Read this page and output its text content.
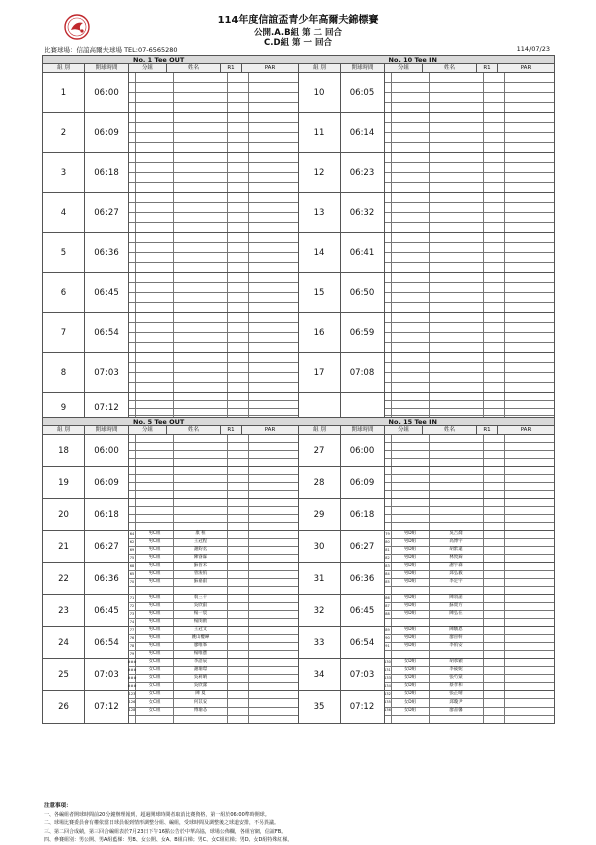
114年度信誼盃青少年高爾夫錦標賽
公開.A.B組 第 二 回合
C.D組 第 一 回合
比賽球場：信誼高爾夫球場 TEL:07-6565280	114/07/23
No. 1 Tee OUT	No. 10 Tee IN
組 別	開球時間	分組	姓名	R1	PAR	組 別	開球時間	分組	姓名	R1	PAR
1	06:00
2	06:09
3	06:18
4	06:27
5	06:36
6	06:45
7	06:54
8	07:03
9	07:12
10	06:05
11	06:14
12	06:23
13	06:32
14	06:41
15	06:50
16	06:59
17	07:08
No. 5 Tee OUT	No. 15 Tee IN
組 別	開球時間	分組	姓名	R1	PAR	組 別	開球時間	分組	姓名	R1	PAR
18	06:00
19	06:09
20	06:18
21	06:27
64	男C組	康 桓
62	男C組	王冠程
69	男C組	謝鈞丞
75	男C組	陳睿霖
22	06:36
68	男C組	蘇晉禾
65	男C組	曾浚侑
70	男C組	蘇嘉叡
23	06:45
71	男C組	翁三千
72	男C組	吳欣叡
73	男C組	楊一宸
74	男C組	楊閔勛
24	06:54
77	男C組	王冠文
76	男C組	姚山櫻曄
78	男C組	廖唯峯
79	男C組	楊唯寶
25	07:03
###	女C組	李語辰
###	女C組	謝瑜璟
###	女C組	吳莉晴
###	女C組	吳欣潔
26	07:12
123	女C組	陳 夏
126	女C組	何苡安
128	女C組	傅瑜忞
27	06:00
28	06:09
29	06:18
30	06:27
79	男D組	吳吉喬
80	男D組	高博宇
81	男D組	胡紫遠
82	男D組	林致錡
31	06:36
83	男D組	謝宇森
84	男D組	邱弘毅
85	男D組	李定宇
32	06:45
86	男D組	陳羽諾
87	男D組	蘇賣方
88	男D組	陳弘在
33	06:54
89	男D組	陳駿恩
90	男D組	廖晉軒
91	男D組	李侑安
34	07:03
130	女D組	胡承穎
131	女D組	李筱妮
133	女D組	張芍棠
134	女D組	蔡孝和
35	07:12
132	女D組	張芷晴
135	女D組	邱瓊尹
136	女D組	廖書馨
注意事項：
一、各編組者開球時間前20分鐘辦理報到，超過開球時間者取消比賽資格，第一組於06:00準時開球。
二、球場比賽委員會有權依當日球員報到情形調整分組、編組，受球時間及調整後之球道安排，不另異議。
三、第二回合成績，第三回合編組表於7月23日下午16點公告於中華高協，球場公佈欄，各組官網，信誼FB。
四、參賽組別：男公開、男A組藍梯：男B、女公開、女A、B組白梯；男C、女C組紅梯；男D、女D組特殊紅梯。
